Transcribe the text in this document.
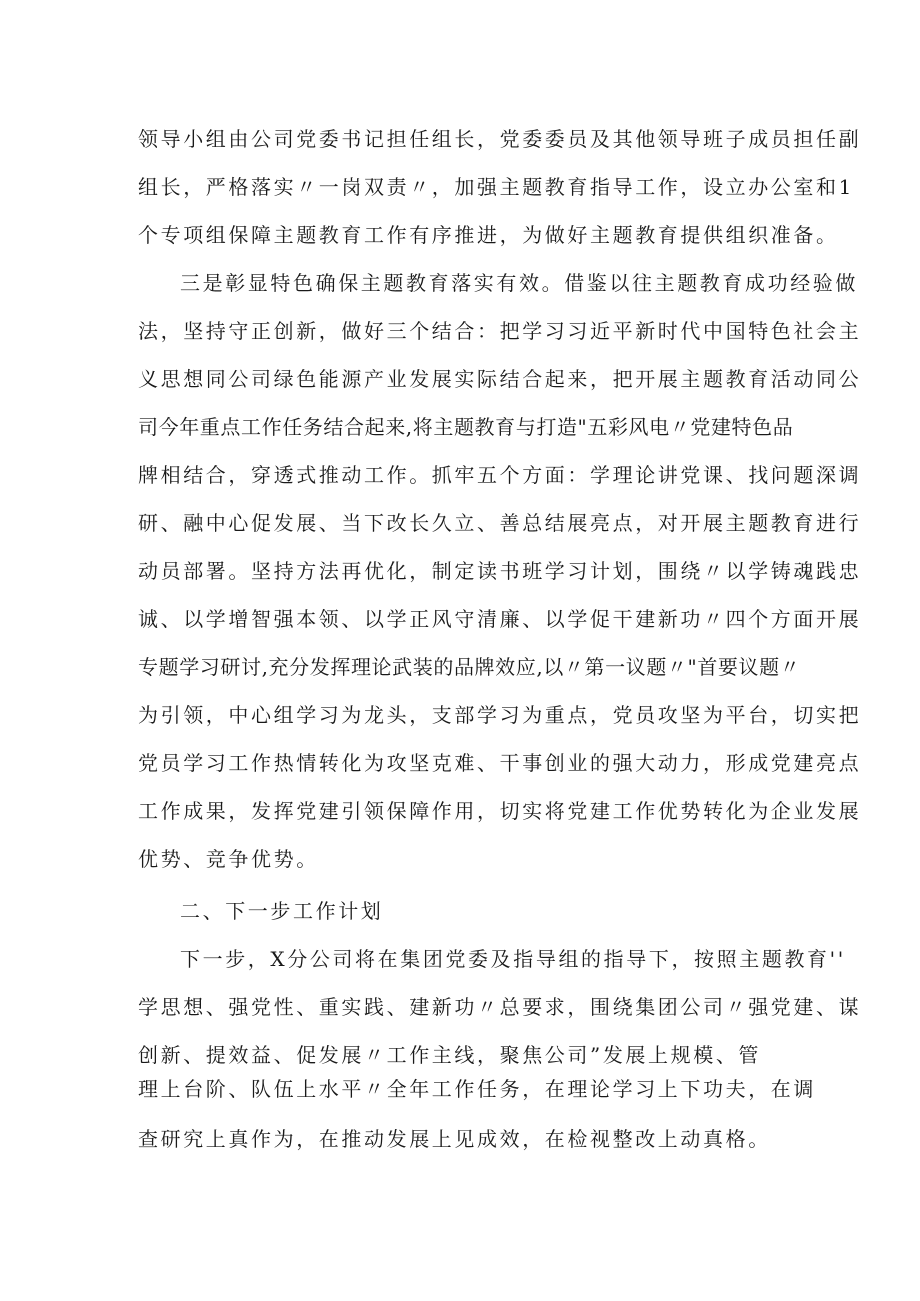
领导小组由公司党委书记担任组长，党委委员及其他领导班子成员担任副
组长，严格落实〃一岗双责〃，加强主题教育指导工作，设立办公室和1
个专项组保障主题教育工作有序推进，为做好主题教育提供组织准备。
三是彰显特色确保主题教育落实有效。借鉴以往主题教育成功经验做
法，坚持守正创新，做好三个结合：把学习习近平新时代中国特色社会主
义思想同公司绿色能源产业发展实际结合起来，把开展主题教育活动同公
司今年重点工作任务结合起来,将主题教育与打造"五彩风电〃党建特色品
牌相结合，穿透式推动工作。抓牢五个方面：学理论讲党课、找问题深调
研、融中心促发展、当下改长久立、善总结展亮点，对开展主题教育进行
动员部署。坚持方法再优化，制定读书班学习计划，围绕〃以学铸魂践忠
诚、以学增智强本领、以学正风守清廉、以学促干建新功〃四个方面开展
专题学习研讨,充分发挥理论武装的品牌效应,以〃第一议题〃"首要议题〃
为引领，中心组学习为龙头，支部学习为重点，党员攻坚为平台，切实把
党员学习工作热情转化为攻坚克难、干事创业的强大动力，形成党建亮点
工作成果，发挥党建引领保障作用，切实将党建工作优势转化为企业发展
优势、竞争优势。
二、下一步工作计划
下一步，X分公司将在集团党委及指导组的指导下，按照主题教育''
学思想、强党性、重实践、建新功〃总要求，围绕集团公司〃强党建、谋
创新、提效益、促发展〃工作主线，聚焦公司”发展上规模、管
理上台阶、队伍上水平〃全年工作任务，在理论学习上下功夫，在调
查研究上真作为，在推动发展上见成效，在检视整改上动真格。
